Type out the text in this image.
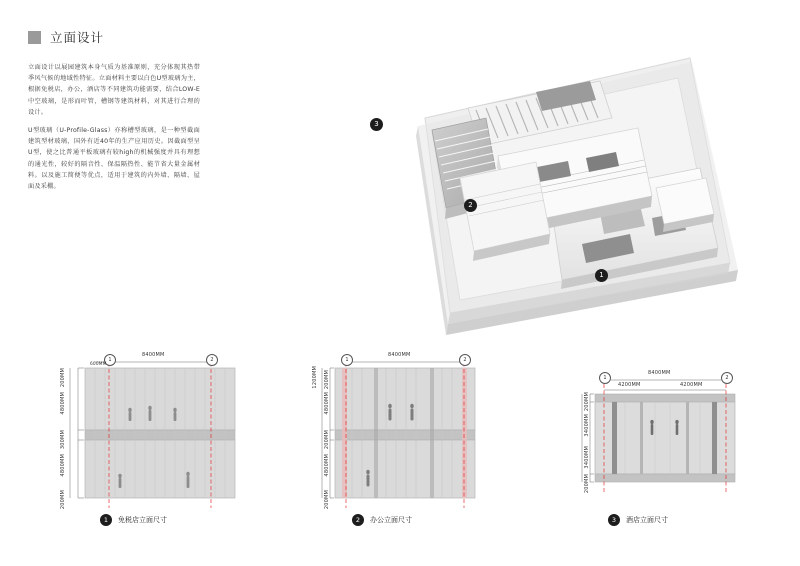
立面设计

立面设计以展园建筑本身气质为基准原则，充分体现其热带季风气候的地域性特征。立面材料主要以白色U型玻璃为主，根据免税店，办公，酒店等不同建筑功能需要，结合LOW-E中空玻璃，是形而叶管，槽钢等建筑材料，对其进行合理的设计。

U型玻璃（U-Profile-Glass）亦称槽型玻璃，是一种型截面建筑型材玻璃，国外有近40年的生产应用历史。因截面型呈U型，使之比普通平板玻璃有较high的机械强度并具有理想的通光性，较好的隔音性、保温隔热性、能节省大量金属材料。以及施工简便等优点，适用于建筑的内外墙、隔墙、屋面及采棚。

1
2
3
1	2
8400MM
600MM
200MM
4800MM
300MM
4800MM
200MM
1	免税店立面尺寸
1	2
8400MM
1200MM 200MM
4800MM
200MM
4800MM
200MM
2	办公立面尺寸
1	2
8400MM
4200MM	4200MM
200MM
3400MM
3400MM
200MM
3	酒店立面尺寸
